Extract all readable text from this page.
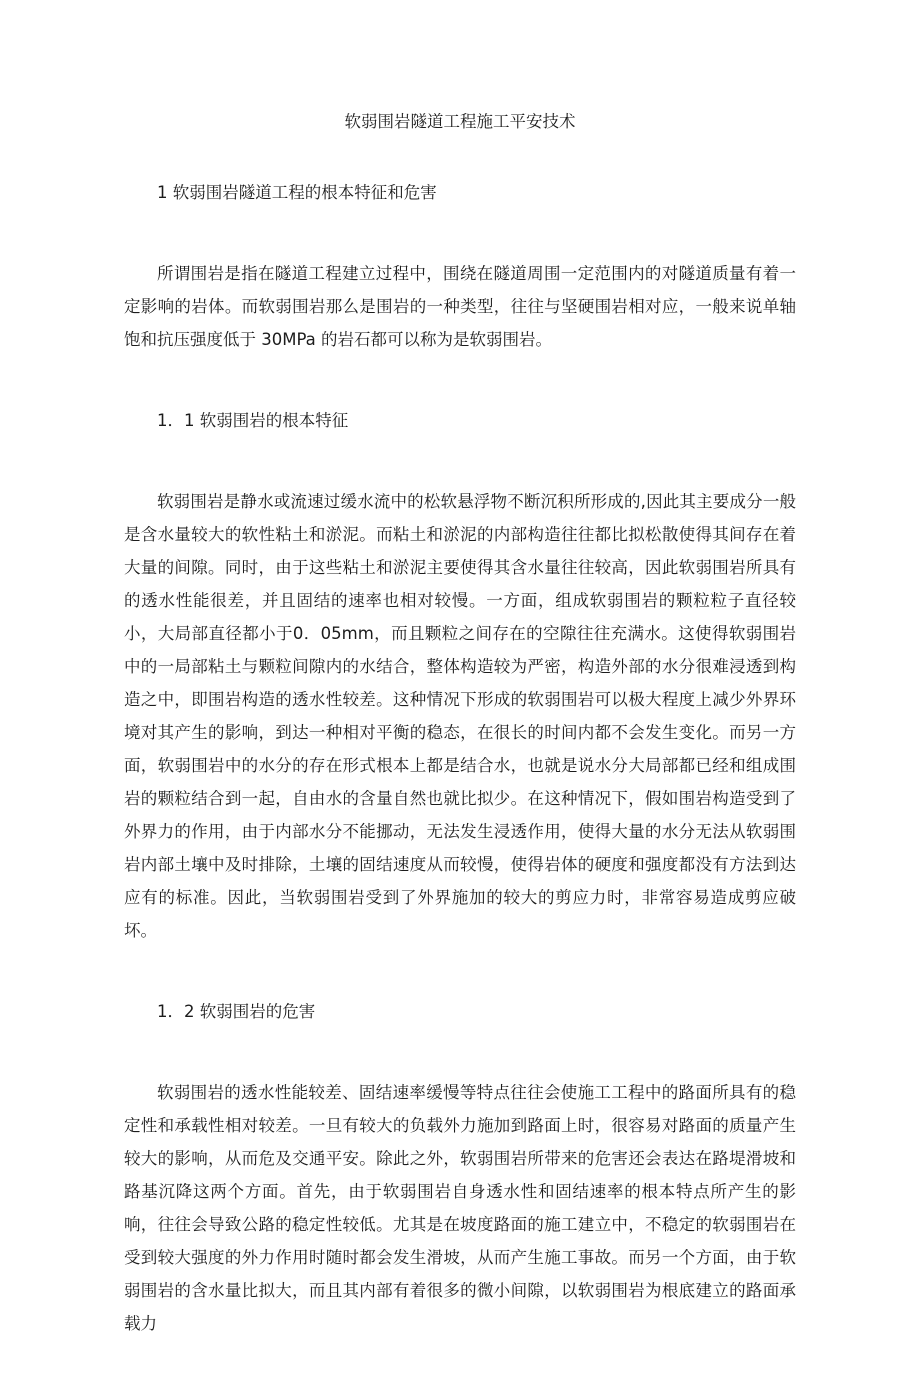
软弱围岩隧道工程施工平安技术

1 软弱围岩隧道工程的根本特征和危害

所谓围岩是指在隧道工程建立过程中，围绕在隧道周围一定范围内的对隧道质量有着一定影响的岩体。而软弱围岩那么是围岩的一种类型，往往与坚硬围岩相对应，一般来说单轴饱和抗压强度低于 30MPa 的岩石都可以称为是软弱围岩。

1．1 软弱围岩的根本特征

软弱围岩是静水或流速过缓水流中的松软悬浮物不断沉积所形成的,因此其主要成分一般是含水量较大的软性粘土和淤泥。而粘土和淤泥的内部构造往往都比拟松散使得其间存在着大量的间隙。同时，由于这些粘土和淤泥主要使得其含水量往往较高，因此软弱围岩所具有的透水性能很差，并且固结的速率也相对较慢。一方面，组成软弱围岩的颗粒粒子直径较小，大局部直径都小于0．05mm，而且颗粒之间存在的空隙往往充满水。这使得软弱围岩中的一局部粘土与颗粒间隙内的水结合，整体构造较为严密，构造外部的水分很难浸透到构造之中，即围岩构造的透水性较差。这种情况下形成的软弱围岩可以极大程度上减少外界环境对其产生的影响，到达一种相对平衡的稳态，在很长的时间内都不会发生变化。而另一方面，软弱围岩中的水分的存在形式根本上都是结合水，也就是说水分大局部都已经和组成围岩的颗粒结合到一起，自由水的含量自然也就比拟少。在这种情况下，假如围岩构造受到了外界力的作用，由于内部水分不能挪动，无法发生浸透作用，使得大量的水分无法从软弱围岩内部土壤中及时排除，土壤的固结速度从而较慢，使得岩体的硬度和强度都没有方法到达应有的标准。因此，当软弱围岩受到了外界施加的较大的剪应力时，非常容易造成剪应破坏。

1．2 软弱围岩的危害

软弱围岩的透水性能较差、固结速率缓慢等特点往往会使施工工程中的路面所具有的稳定性和承载性相对较差。一旦有较大的负载外力施加到路面上时，很容易对路面的质量产生较大的影响，从而危及交通平安。除此之外，软弱围岩所带来的危害还会表达在路堤滑坡和路基沉降这两个方面。首先，由于软弱围岩自身透水性和固结速率的根本特点所产生的影响，往往会导致公路的稳定性较低。尤其是在坡度路面的施工建立中，不稳定的软弱围岩在受到较大强度的外力作用时随时都会发生滑坡，从而产生施工事故。而另一个方面，由于软弱围岩的含水量比拟大，而且其内部有着很多的微小间隙，以软弱围岩为根底建立的路面承载力
